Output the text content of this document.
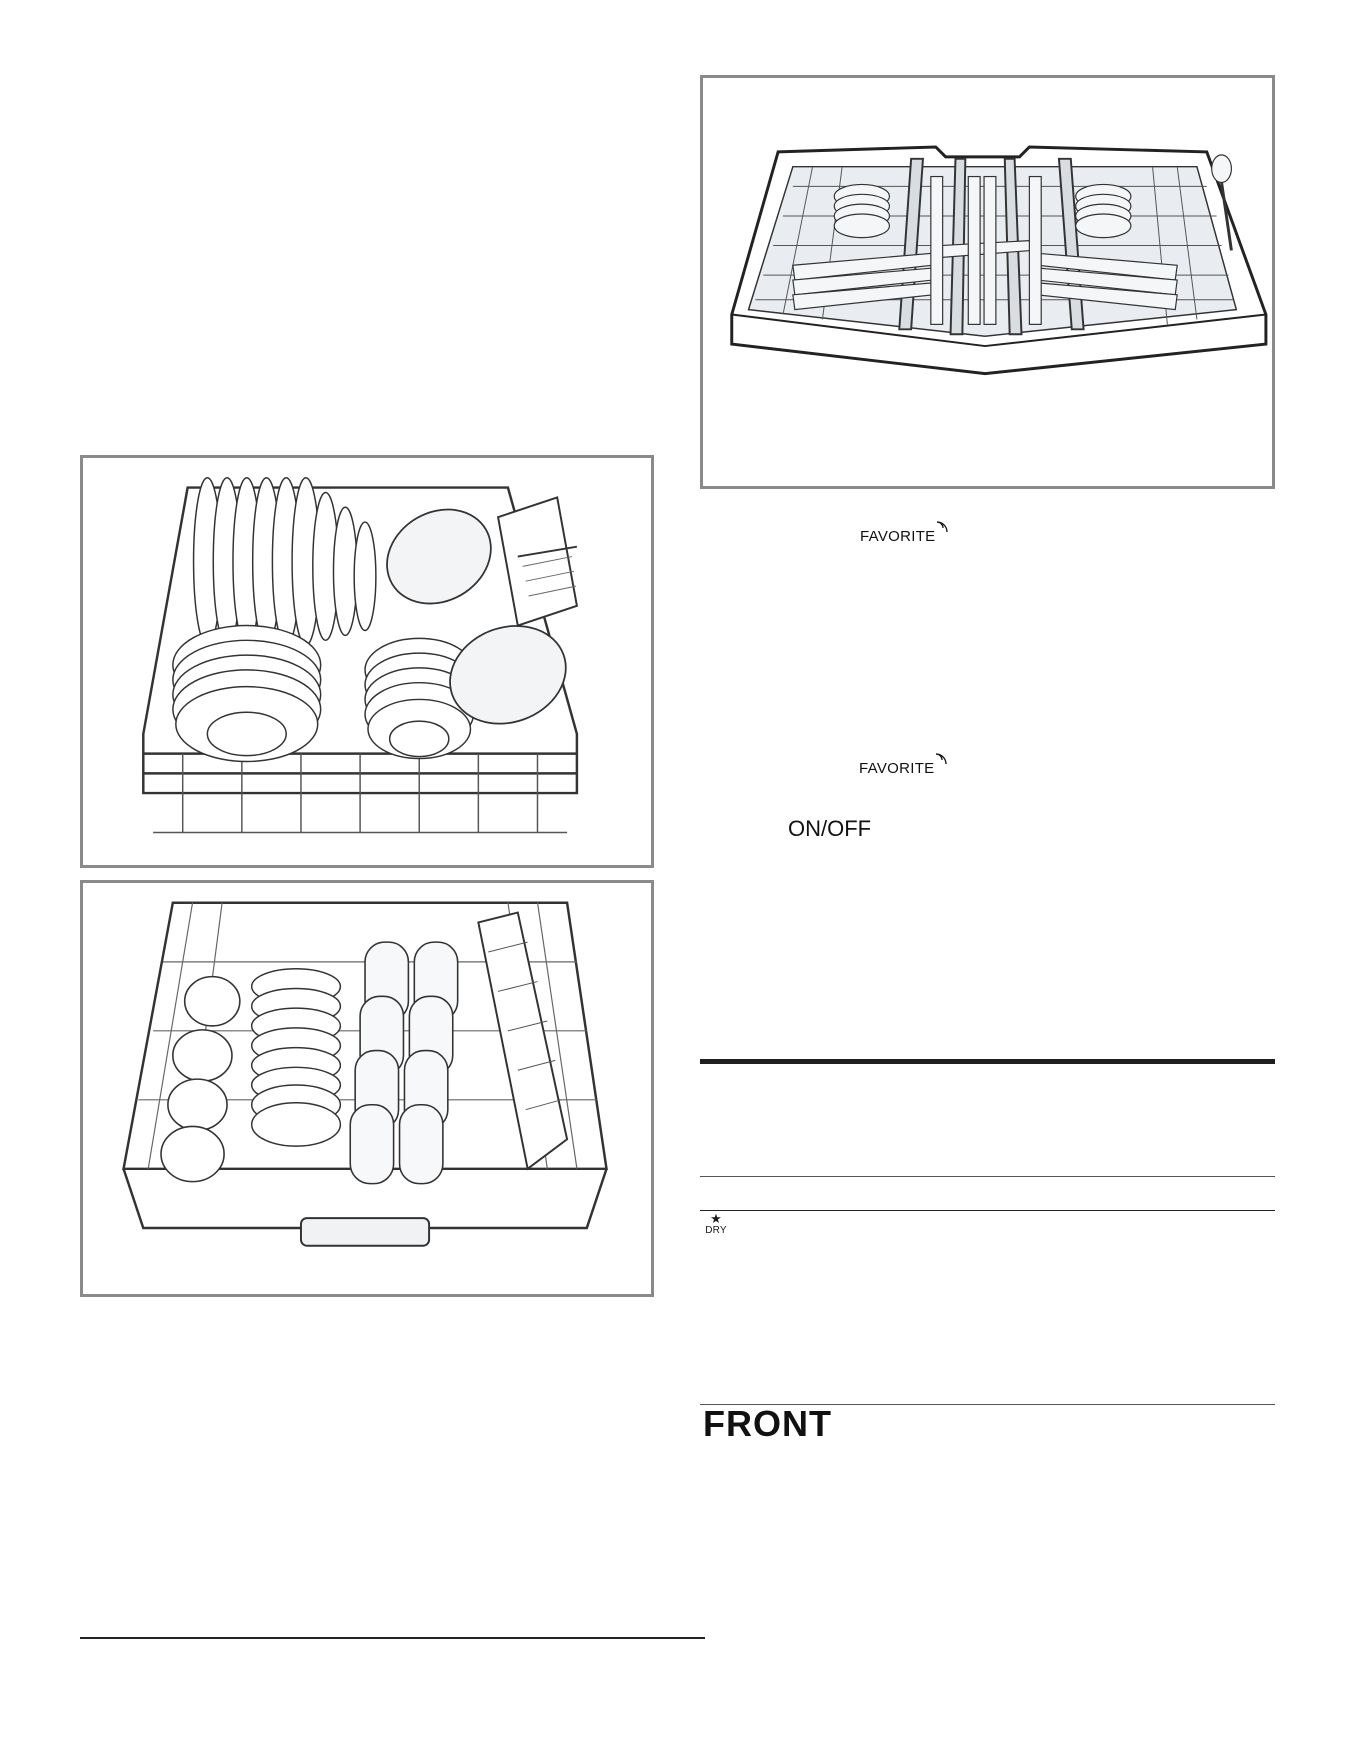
FAVORITE
FAVORITE
ON/OFF
★
DRY
FRONT
